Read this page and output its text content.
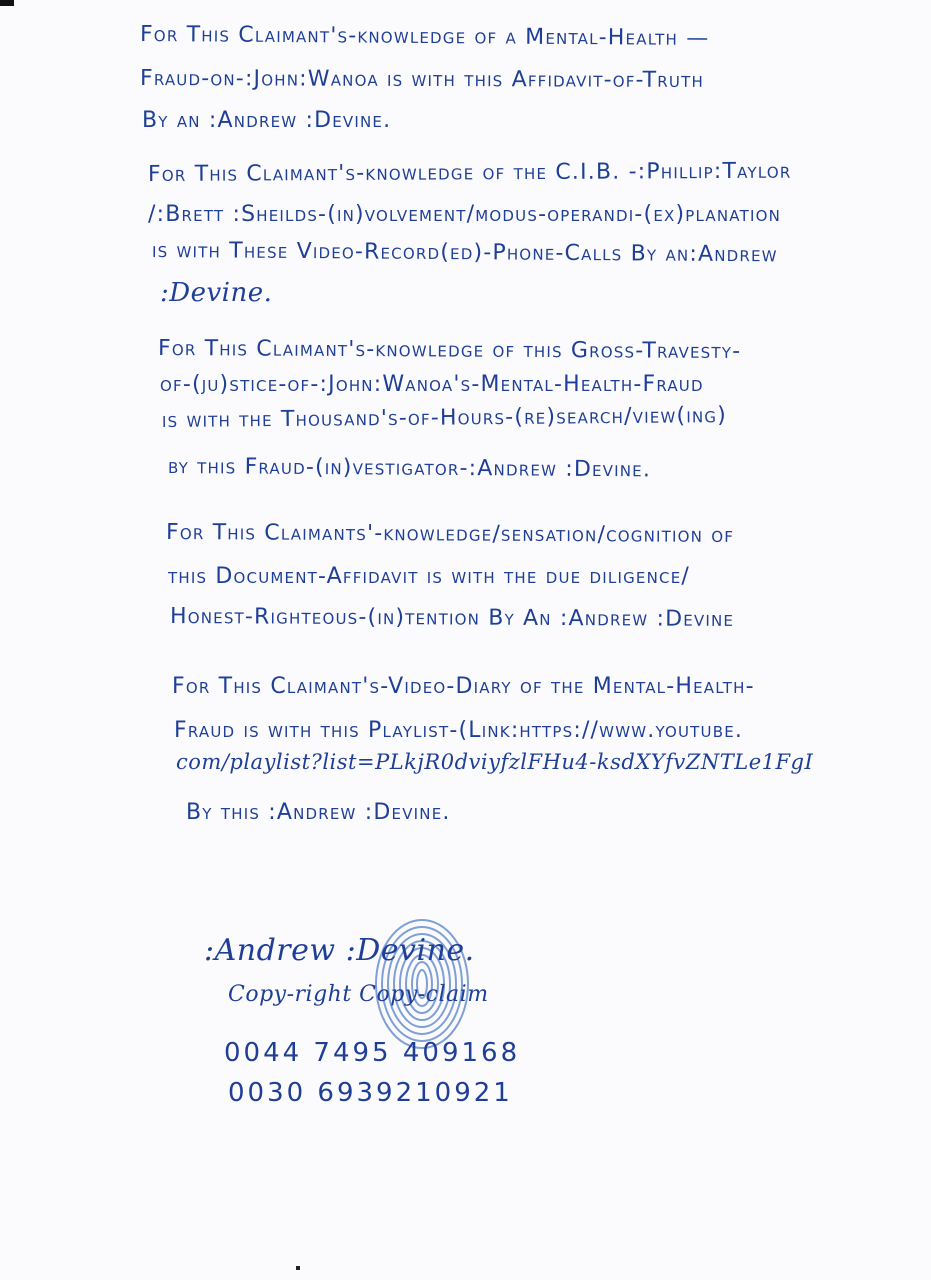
For This Claimant's-knowledge of a Mental-Health —
Fraud-on-:John:Wanoa is with this Affidavit-of-Truth
By an :Andrew :Devine.
For This Claimant's-knowledge of the C.I.B. -:Phillip:Taylor
/:Brett :Sheilds-(in)volvement/modus-operandi-(ex)planation
is with These Video-Record(ed)-Phone-Calls By an:Andrew
:Devine.
For This Claimant's-knowledge of this Gross-Travesty-
of-(ju)stice-of-:John:Wanoa's-Mental-Health-Fraud
is with the Thousand's-of-Hours-(re)search/view(ing)
by this Fraud-(in)vestigator-:Andrew :Devine.
For This Claimants'-knowledge/sensation/cognition of
this Document-Affidavit is with the due diligence/
Honest-Righteous-(in)tention By An :Andrew :Devine
For This Claimant's-Video-Diary of the Mental-Health-
Fraud is with this Playlist-(Link:https://www.youtube.
com/playlist?list=PLkjR0dviyfzlFHu4-ksdXYfvZNTLe1FgI
By this :Andrew :Devine.
:Andrew :Devine.
Copy-right Copy-claim
0044 7495 409168
0030 6939210921
